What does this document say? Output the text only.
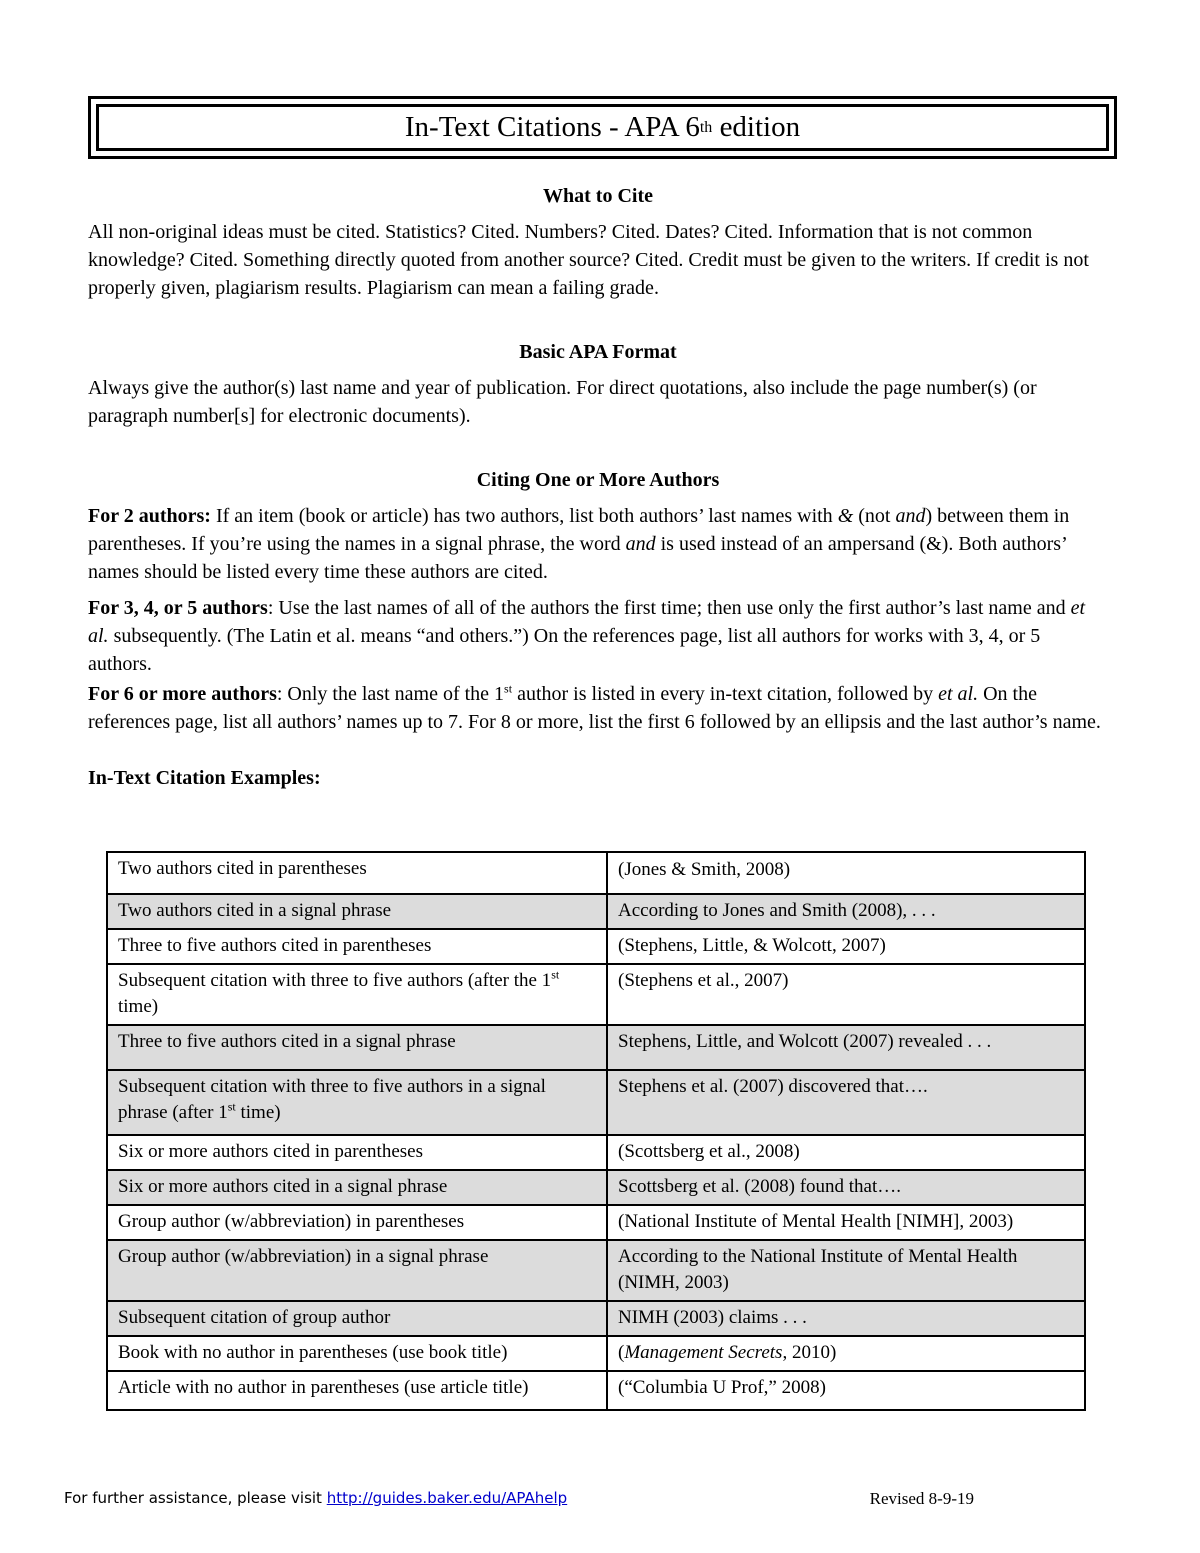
In-Text Citations - APA 6 th edition

What to Cite

All non-original ideas must be cited. Statistics? Cited. Numbers? Cited. Dates? Cited. Information that is not common knowledge? Cited. Something directly quoted from another source? Cited. Credit must be given to the writers. If credit is not properly given, plagiarism results. Plagiarism can mean a failing grade.

Basic APA Format

Always give the author(s) last name and year of publication. For direct quotations, also include the page number(s) (or paragraph number[s] for electronic documents).

Citing One or More Authors

For 2 authors: If an item (book or article) has two authors, list both authors’ last names with & (not and) between them in parentheses. If you’re using the names in a signal phrase, the word and is used instead of an ampersand (&). Both authors’ names should be listed every time these authors are cited.

For 3, 4, or 5 authors: Use the last names of all of the authors the first time; then use only the first author’s last name and et al. subsequently. (The Latin et al. means “and others.”) On the references page, list all authors for works with 3, 4, or 5 authors.

For 6 or more authors: Only the last name of the 1st author is listed in every in-text citation, followed by et al. On the references page, list all authors’ names up to 7. For 8 or more, list the first 6 followed by an ellipsis and the last author’s name.

In-Text Citation Examples:

Two authors cited in parentheses	(Jones & Smith, 2008)
Two authors cited in a signal phrase	According to Jones and Smith (2008), . . .
Three to five authors cited in parentheses	(Stephens, Little, & Wolcott, 2007)
Subsequent citation with three to five authors (after the 1st time)	(Stephens et al., 2007)
Three to five authors cited in a signal phrase	Stephens, Little, and Wolcott (2007) revealed . . .
Subsequent citation with three to five authors in a signal phrase (after 1st time)	Stephens et al. (2007) discovered that….
Six or more authors cited in parentheses	(Scottsberg et al., 2008)
Six or more authors cited in a signal phrase	Scottsberg et al. (2008) found that….
Group author (w/abbreviation) in parentheses	(National Institute of Mental Health [NIMH], 2003)
Group author (w/abbreviation) in a signal phrase	According to the National Institute of Mental Health (NIMH, 2003)
Subsequent citation of group author	NIMH (2003) claims . . .
Book with no author in parentheses (use book title)	(Management Secrets, 2010)
Article with no author in parentheses (use article title)	(“Columbia U Prof,” 2008)
For further assistance, please visit http://guides.baker.edu/APAhelp	Revised 8-9-19
